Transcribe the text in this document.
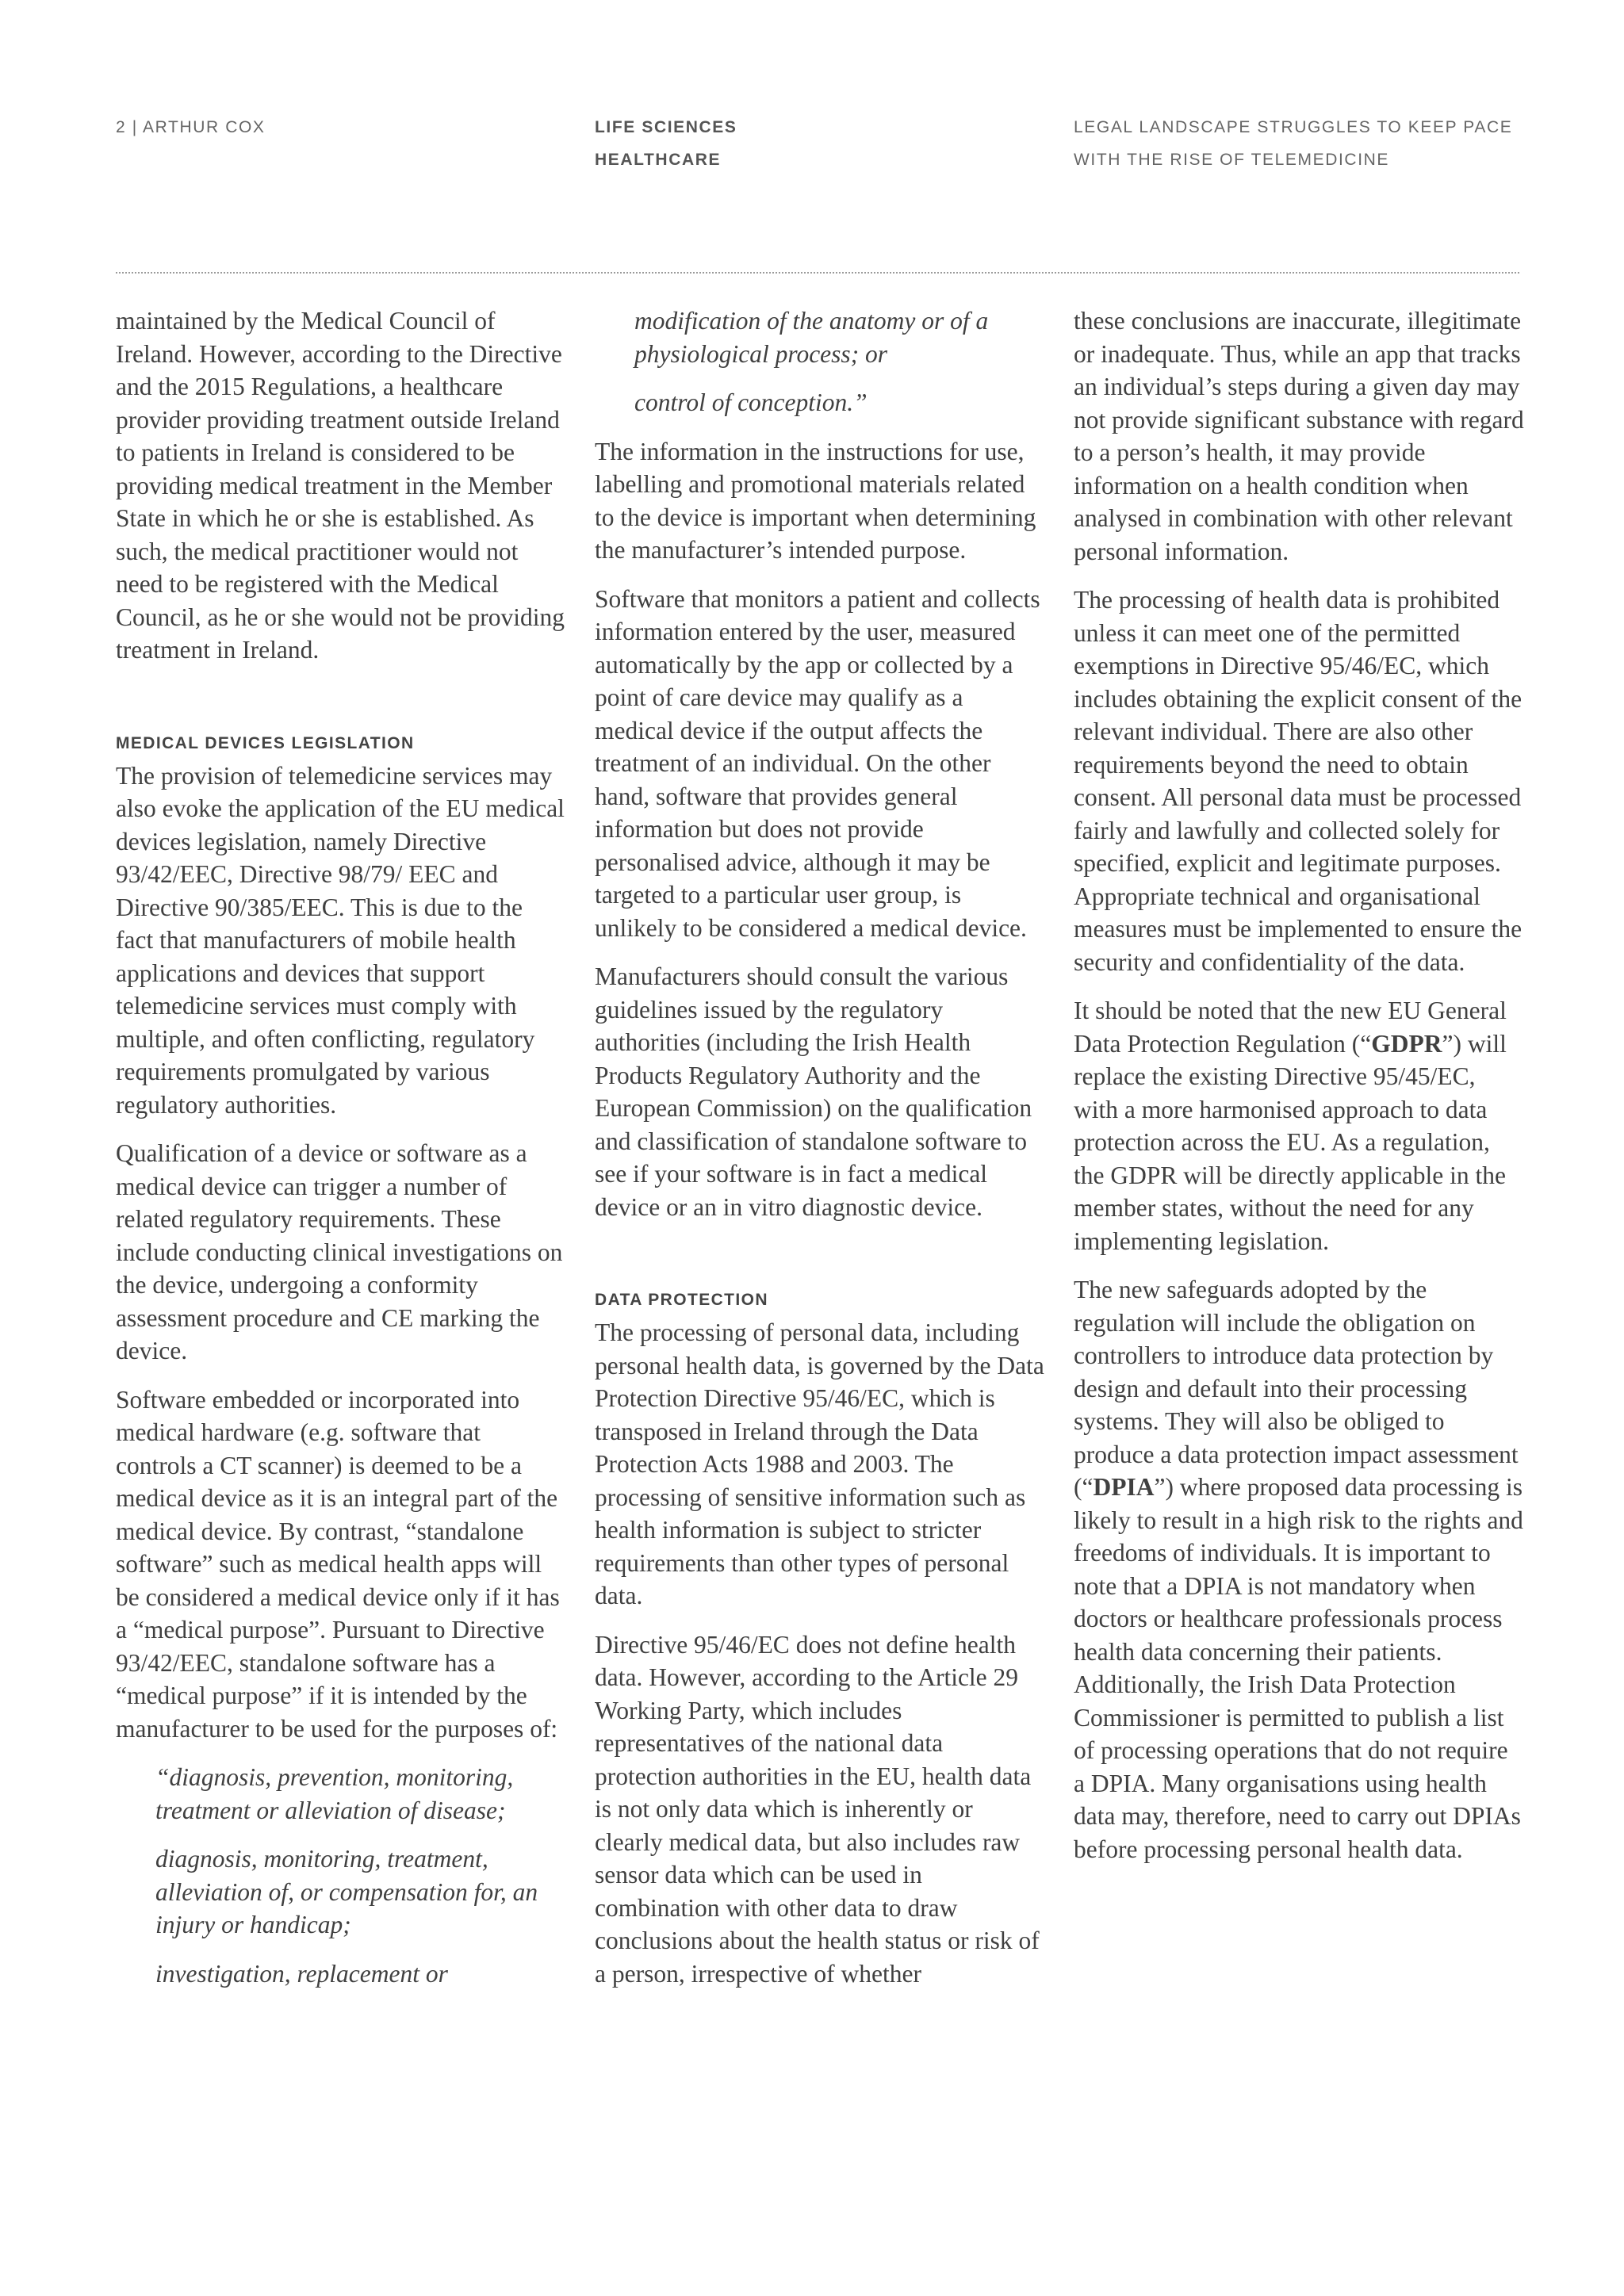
2 | ARTHUR COX	LIFE SCIENCES
HEALTHCARE
LEGAL LANDSCAPE STRUGGLES TO KEEP PACE
WITH THE RISE OF TELEMEDICINE

maintained by the Medical Council of Ireland. However, according to the Directive and the 2015 Regulations, a healthcare provider providing treatment outside Ireland to patients in Ireland is considered to be providing medical treatment in the Member State in which he or she is established. As such, the medical practitioner would not need to be registered with the Medical Council, as he or she would not be providing treatment in Ireland.

MEDICAL DEVICES LEGISLATION

The provision of telemedicine services may also evoke the application of the EU medical devices legislation, namely Directive 93/42/EEC, Directive 98/79/ EEC and Directive 90/385/EEC. This is due to the fact that manufacturers of mobile health applications and devices that support telemedicine services must comply with multiple, and often conflicting, regulatory requirements promulgated by various regulatory authorities.

Qualification of a device or software as a medical device can trigger a number of related regulatory requirements. These include conducting clinical investigations on the device, undergoing a conformity assessment procedure and CE marking the device.

Software embedded or incorporated into medical hardware (e.g. software that controls a CT scanner) is deemed to be a medical device as it is an integral part of the medical device. By contrast, “standalone software” such as medical health apps will be considered a medical device only if it has a “medical purpose”. Pursuant to Directive 93/42/EEC, standalone software has a “medical purpose” if it is intended by the manufacturer to be used for the purposes of:

“diagnosis, prevention, monitoring, treatment or alleviation of disease;

diagnosis, monitoring, treatment, alleviation of, or compensation for, an injury or handicap;

investigation, replacement or

modification of the anatomy or of a physiological process; or

control of conception.”

The information in the instructions for use, labelling and promotional materials related to the device is important when determining the manufacturer’s intended purpose.

Software that monitors a patient and collects information entered by the user, measured automatically by the app or collected by a point of care device may qualify as a medical device if the output affects the treatment of an individual. On the other hand, software that provides general information but does not provide personalised advice, although it may be targeted to a particular user group, is unlikely to be considered a medical device.

Manufacturers should consult the various guidelines issued by the regulatory authorities (including the Irish Health Products Regulatory Authority and the European Commission) on the qualification and classification of standalone software to see if your software is in fact a medical device or an in vitro diagnostic device.

DATA PROTECTION

The processing of personal data, including personal health data, is governed by the Data Protection Directive 95/46/EC, which is transposed in Ireland through the Data Protection Acts 1988 and 2003. The processing of sensitive information such as health information is subject to stricter requirements than other types of personal data.

Directive 95/46/EC does not define health data. However, according to the Article 29 Working Party, which includes representatives of the national data protection authorities in the EU, health data is not only data which is inherently or clearly medical data, but also includes raw sensor data which can be used in combination with other data to draw conclusions about the health status or risk of a person, irrespective of whether

these conclusions are inaccurate, illegitimate or inadequate. Thus, while an app that tracks an individual’s steps during a given day may not provide significant substance with regard to a person’s health, it may provide information on a health condition when analysed in combination with other relevant personal information.

The processing of health data is prohibited unless it can meet one of the permitted exemptions in Directive 95/46/EC, which includes obtaining the explicit consent of the relevant individual. There are also other requirements beyond the need to obtain consent. All personal data must be processed fairly and lawfully and collected solely for specified, explicit and legitimate purposes. Appropriate technical and organisational measures must be implemented to ensure the security and confidentiality of the data.

It should be noted that the new EU General Data Protection Regulation (“GDPR”) will replace the existing Directive 95/45/EC, with a more harmonised approach to data protection across the EU. As a regulation, the GDPR will be directly applicable in the member states, without the need for any implementing legislation.

The new safeguards adopted by the regulation will include the obligation on controllers to introduce data protection by design and default into their processing systems. They will also be obliged to produce a data protection impact assessment (“DPIA”) where proposed data processing is likely to result in a high risk to the rights and freedoms of individuals. It is important to note that a DPIA is not mandatory when doctors or healthcare professionals process health data concerning their patients. Additionally, the Irish Data Protection Commissioner is permitted to publish a list of processing operations that do not require a DPIA. Many organisations using health data may, therefore, need to carry out DPIAs before processing personal health data.
